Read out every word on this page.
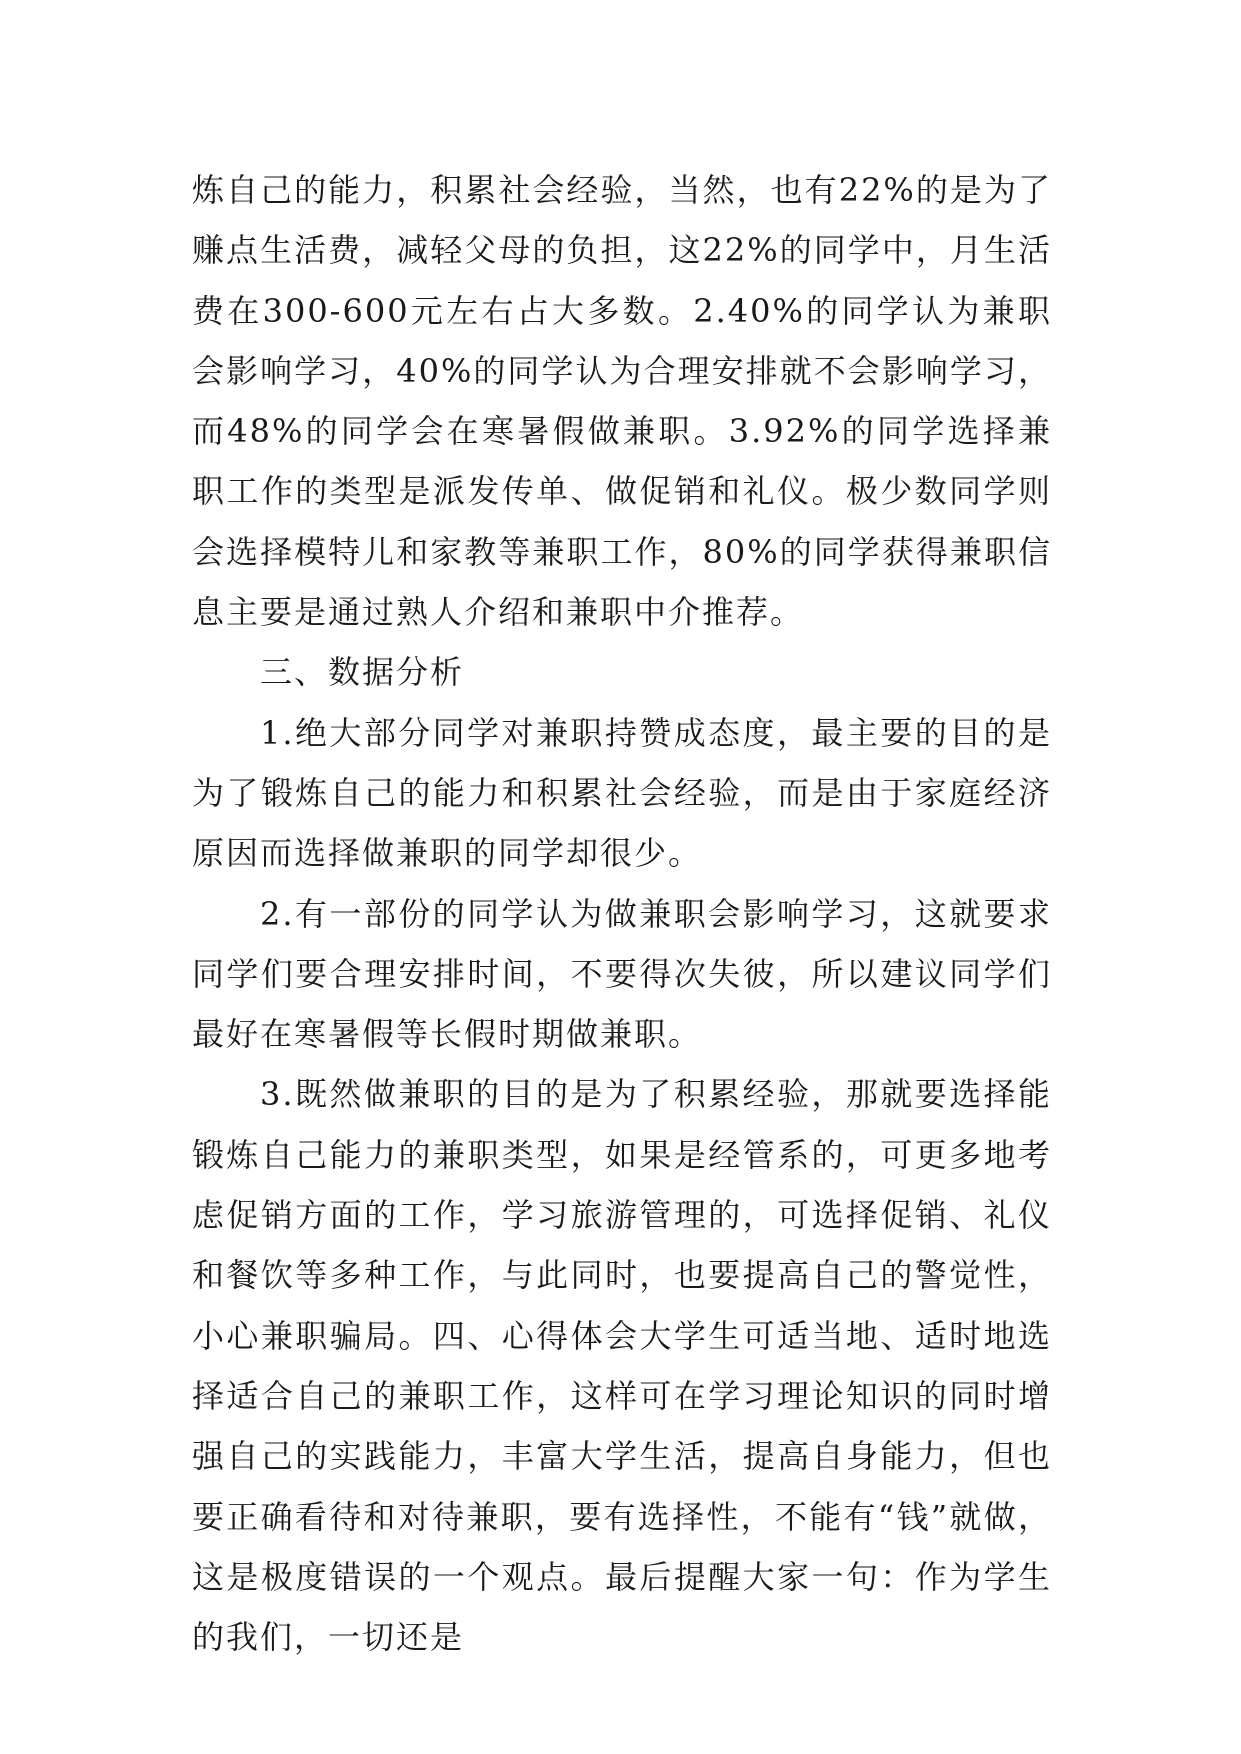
炼自己的能力，积累社会经验，当然，也有22%的是为了赚点生活费，减轻父母的负担，这22%的同学中，月生活费在300-600元左右占大多数。2.40%的同学认为兼职会影响学习，40%的同学认为合理安排就不会影响学习，而48%的同学会在寒暑假做兼职。3.92%的同学选择兼职工作的类型是派发传单、做促销和礼仪。极少数同学则会选择模特儿和家教等兼职工作，80%的同学获得兼职信息主要是通过熟人介绍和兼职中介推荐。

三、数据分析

1.绝大部分同学对兼职持赞成态度，最主要的目的是为了锻炼自己的能力和积累社会经验，而是由于家庭经济原因而选择做兼职的同学却很少。

2.有一部份的同学认为做兼职会影响学习，这就要求同学们要合理安排时间，不要得次失彼，所以建议同学们最好在寒暑假等长假时期做兼职。

3.既然做兼职的目的是为了积累经验，那就要选择能锻炼自己能力的兼职类型，如果是经管系的，可更多地考虑促销方面的工作，学习旅游管理的，可选择促销、礼仪和餐饮等多种工作，与此同时，也要提高自己的警觉性，小心兼职骗局。四、心得体会大学生可适当地、适时地选择适合自己的兼职工作，这样可在学习理论知识的同时增强自己的实践能力，丰富大学生活，提高自身能力，但也要正确看待和对待兼职，要有选择性，不能有“钱”就做，这是极度错误的一个观点。最后提醒大家一句：作为学生的我们，一切还是
